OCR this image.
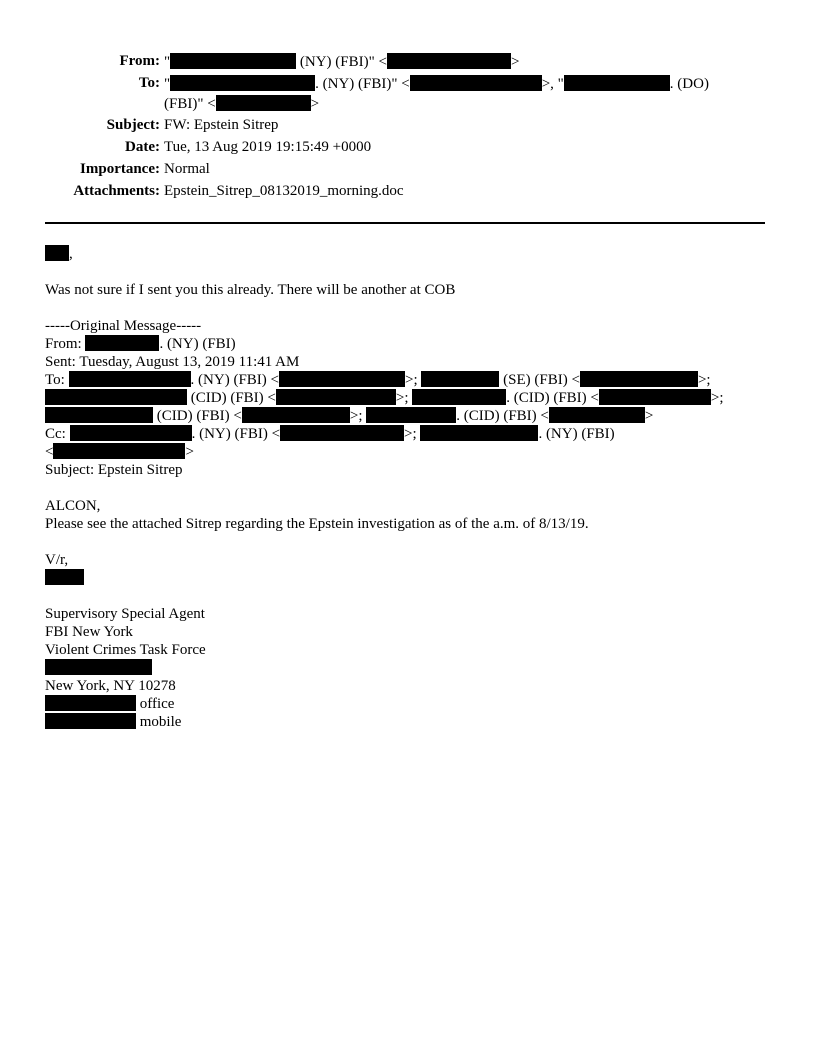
From: "	(NY) (FBI)" <	>
To: "	. (NY) (FBI)" <	>, "	. (DO)
(FBI)" <	>
Subject: FW: Epstein Sitrep
Date: Tue, 13 Aug 2019 19:15:49 +0000
Importance: Normal
Attachments: Epstein_Sitrep_08132019_morning.doc
,
Was not sure if I sent you this already. There will be another at COB
-----Original Message-----
From:	. (NY) (FBI)
Sent: Tuesday, August 13, 2019 11:41 AM
To:	. (NY) (FBI) <	>;	(SE) (FBI) <	>;
(CID) (FBI) <	>;	. (CID) (FBI) <	>;
(CID) (FBI) <	>;	. (CID) (FBI) <	>
Cc:	. (NY) (FBI) <	>;	. (NY) (FBI)
<	>
Subject: Epstein Sitrep
ALCON,
Please see the attached Sitrep regarding the Epstein investigation as of the a.m. of 8/13/19.
V/r,
Supervisory Special Agent
FBI New York
Violent Crimes Task Force
New York, NY 10278
office
mobile
